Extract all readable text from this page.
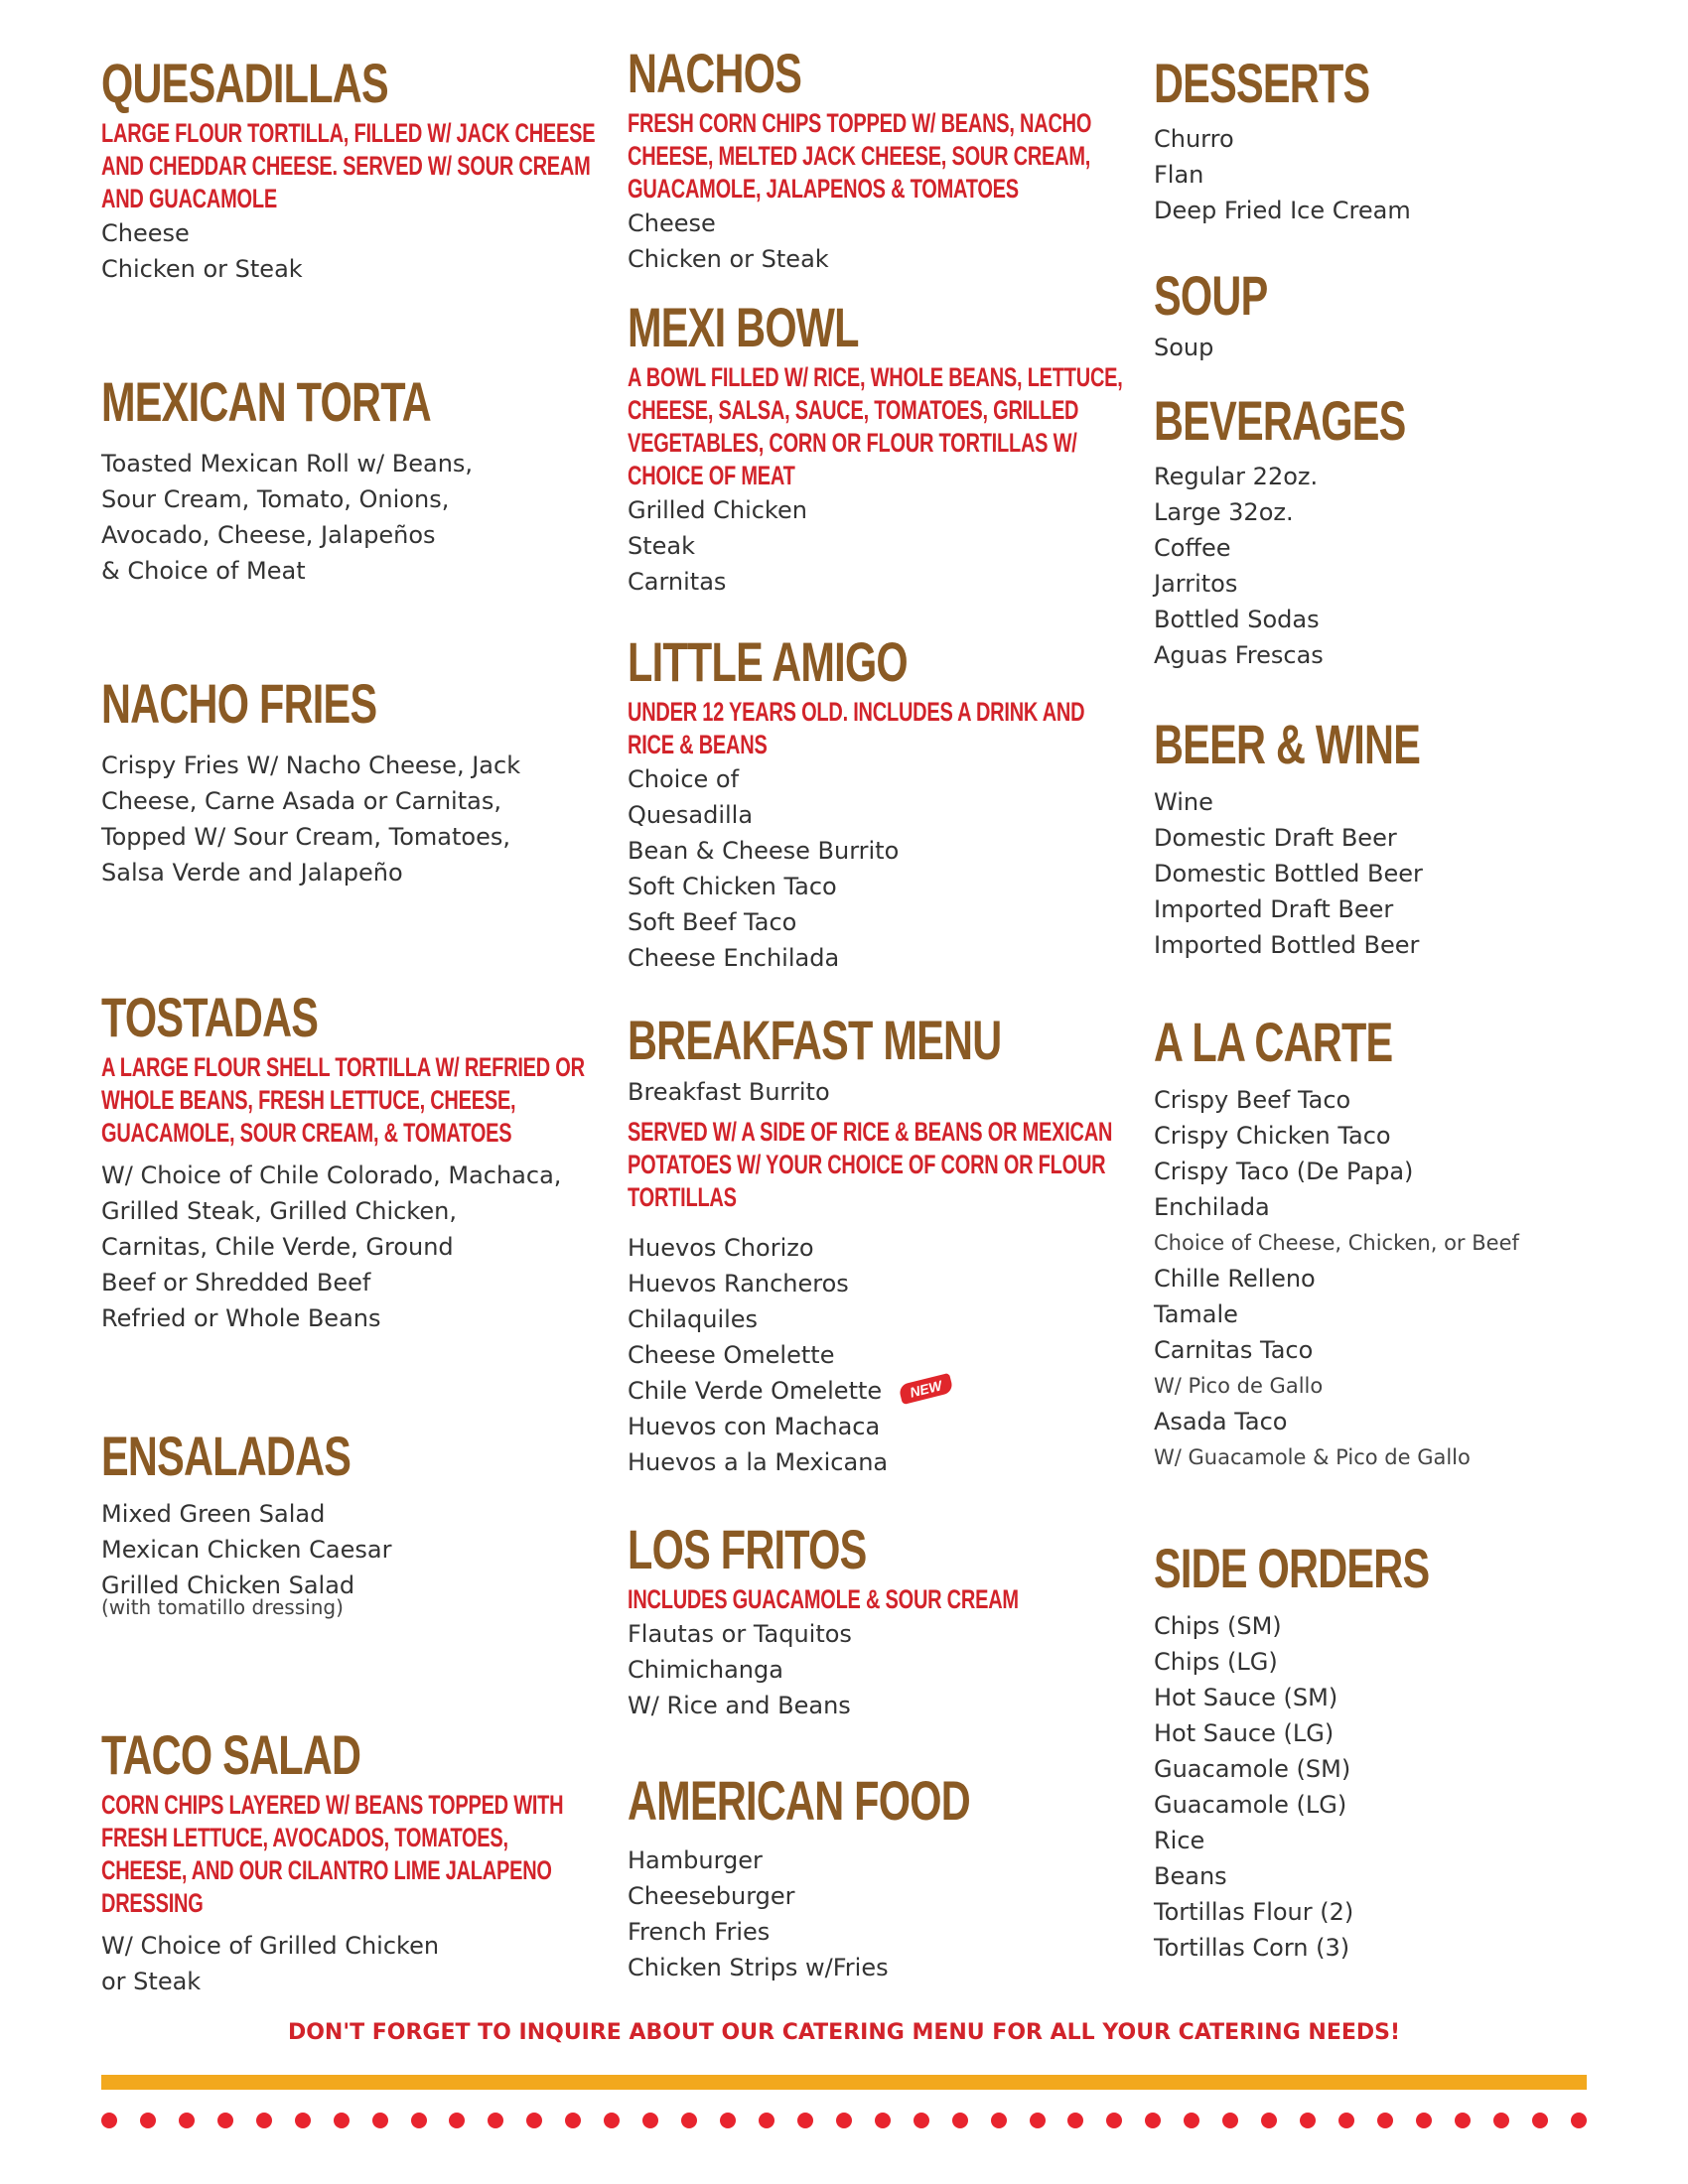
QUESADILLAS
LARGE FLOUR TORTILLA, FILLED W/ JACK CHEESE AND CHEDDAR CHEESE. SERVED W/ SOUR CREAM AND GUACAMOLE
Cheese
Chicken or Steak
MEXICAN TORTA
Toasted Mexican Roll w/ Beans,
Sour Cream, Tomato, Onions,
Avocado, Cheese, Jalapeños
& Choice of Meat
NACHO FRIES
Crispy Fries W/ Nacho Cheese, Jack
Cheese, Carne Asada or Carnitas,
Topped W/ Sour Cream, Tomatoes,
Salsa Verde and Jalapeño
TOSTADAS
A LARGE FLOUR SHELL TORTILLA W/ REFRIED OR WHOLE BEANS, FRESH LETTUCE, CHEESE, GUACAMOLE, SOUR CREAM, & TOMATOES
W/ Choice of Chile Colorado, Machaca,
Grilled Steak, Grilled Chicken,
Carnitas, Chile Verde, Ground
Beef or Shredded Beef
Refried or Whole Beans
ENSALADAS
Mixed Green Salad
Mexican Chicken Caesar
Grilled Chicken Salad
(with tomatillo dressing)
TACO SALAD
CORN CHIPS LAYERED W/ BEANS TOPPED WITH FRESH LETTUCE, AVOCADOS, TOMATOES, CHEESE, AND OUR CILANTRO LIME JALAPENO DRESSING
W/ Choice of Grilled Chicken
or Steak
NACHOS
FRESH CORN CHIPS TOPPED W/ BEANS, NACHO CHEESE, MELTED JACK CHEESE, SOUR CREAM, GUACAMOLE, JALAPENOS & TOMATOES
Cheese
Chicken or Steak
MEXI BOWL
A BOWL FILLED W/ RICE, WHOLE BEANS, LETTUCE, CHEESE, SALSA, SAUCE, TOMATOES, GRILLED VEGETABLES, CORN OR FLOUR TORTILLAS W/ CHOICE OF MEAT
Grilled Chicken
Steak
Carnitas
LITTLE AMIGO
UNDER 12 YEARS OLD. INCLUDES A DRINK AND RICE & BEANS
Choice of
Quesadilla
Bean & Cheese Burrito
Soft Chicken Taco
Soft Beef Taco
Cheese Enchilada
BREAKFAST MENU
Breakfast Burrito
SERVED W/ A SIDE OF RICE & BEANS OR MEXICAN POTATOES W/ YOUR CHOICE OF CORN OR FLOUR TORTILLAS
Huevos Chorizo
Huevos Rancheros
Chilaquiles
Cheese Omelette
Chile Verde Omelette NEW
Huevos con Machaca
Huevos a la Mexicana
LOS FRITOS
INCLUDES GUACAMOLE & SOUR CREAM
Flautas or Taquitos
Chimichanga
W/ Rice and Beans
AMERICAN FOOD
Hamburger
Cheeseburger
French Fries
Chicken Strips w/Fries
DESSERTS
Churro
Flan
Deep Fried Ice Cream
SOUP
Soup
BEVERAGES
Regular 22oz.
Large 32oz.
Coffee
Jarritos
Bottled Sodas
Aguas Frescas
BEER & WINE
Wine
Domestic Draft Beer
Domestic Bottled Beer
Imported Draft Beer
Imported Bottled Beer
A LA CARTE
Crispy Beef Taco
Crispy Chicken Taco
Crispy Taco (De Papa)
Enchilada
Choice of Cheese, Chicken, or Beef
Chille Relleno
Tamale
Carnitas Taco
W/ Pico de Gallo
Asada Taco
W/ Guacamole & Pico de Gallo
SIDE ORDERS
Chips (SM)
Chips (LG)
Hot Sauce (SM)
Hot Sauce (LG)
Guacamole (SM)
Guacamole (LG)
Rice
Beans
Tortillas Flour (2)
Tortillas Corn (3)
DON'T FORGET TO INQUIRE ABOUT OUR CATERING MENU FOR ALL YOUR CATERING NEEDS!
